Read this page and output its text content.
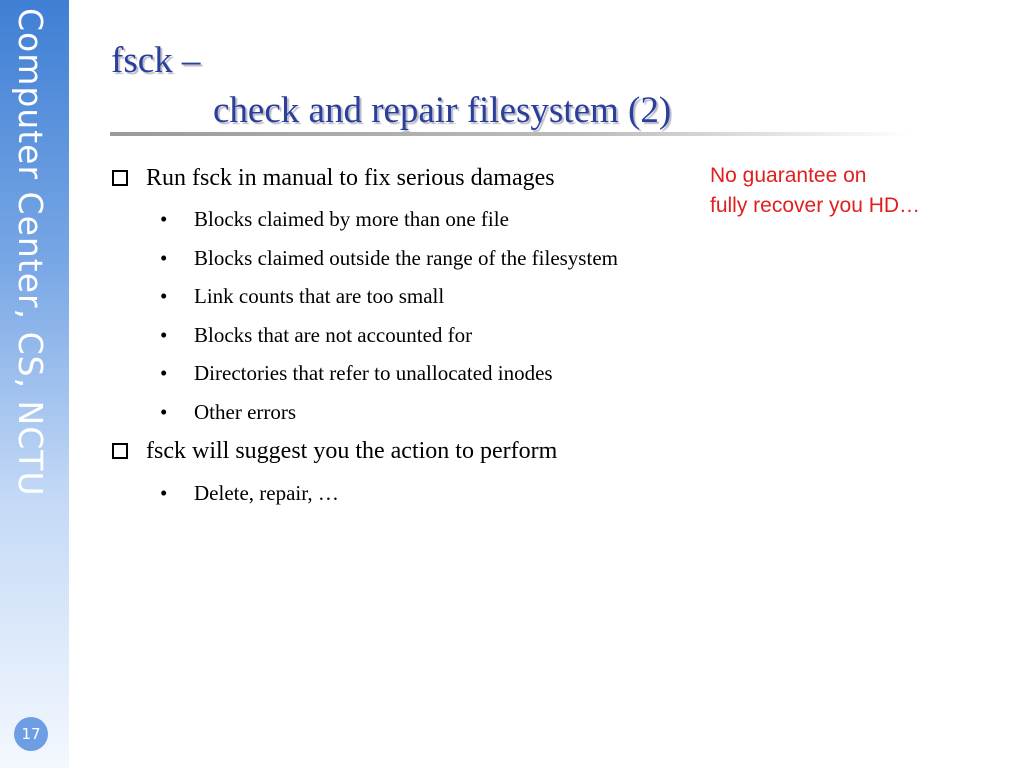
Computer Center, CS, NCTU
17
fsck –
check and repair filesystem (2)
Run fsck in manual to fix serious damages
• Blocks claimed by more than one file
• Blocks claimed outside the range of the filesystem
• Link counts that are too small
• Blocks that are not accounted for
• Directories that refer to unallocated inodes
• Other errors
fsck will suggest you the action to perform
• Delete, repair, …
No guarantee on
fully recover you HD…
